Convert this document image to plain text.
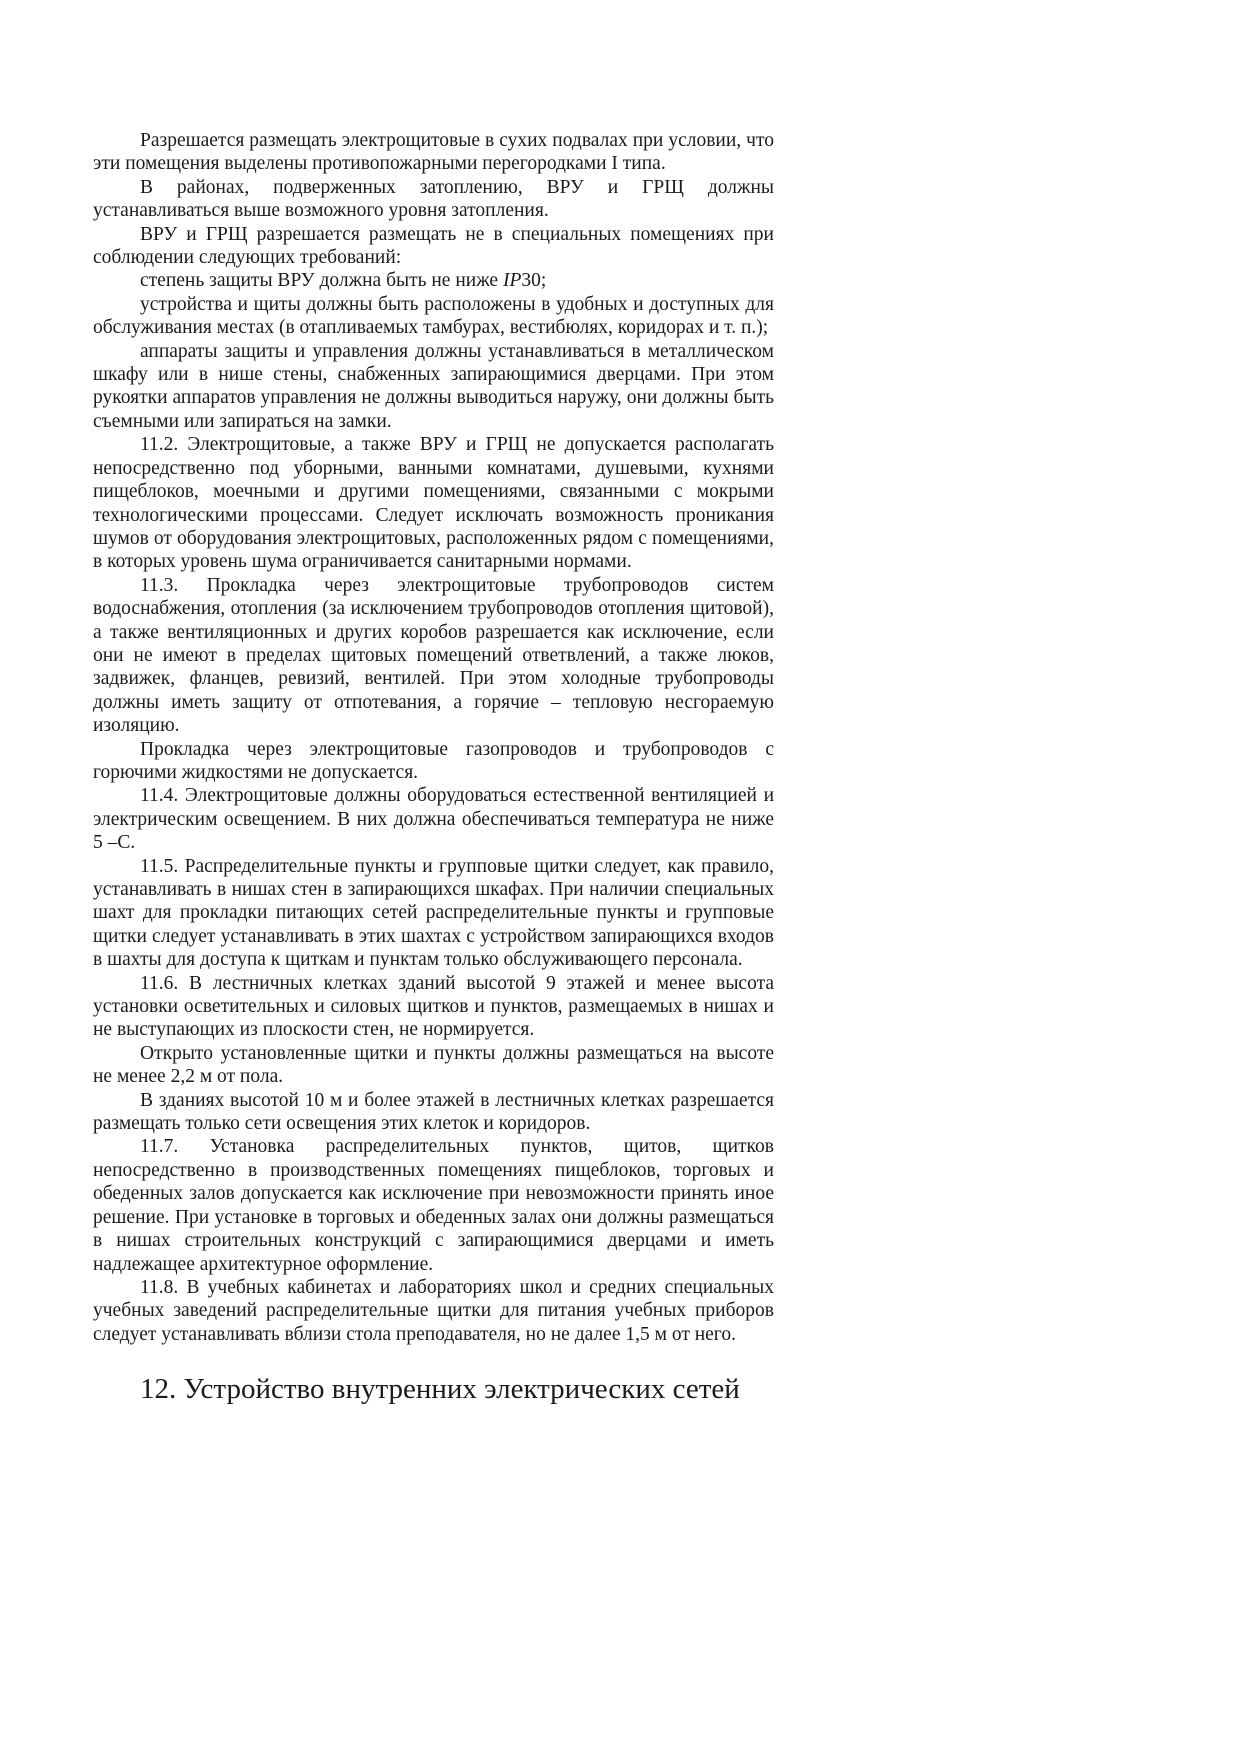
Разрешается размещать электрощитовые в сухих подвалах при условии, что эти помещения выделены противопожарными перегородками I типа.

В районах, подверженных затоплению, ВРУ и ГРЩ должны устанавливаться выше возможного уровня затопления.

ВРУ и ГРЩ разрешается размещать не в специальных помещениях при соблюдении следующих требований:

степень защиты ВРУ должна быть не ниже IP30;

устройства и щиты должны быть расположены в удобных и доступных для обслуживания местах (в отапливаемых тамбурах, вестибюлях, коридорах и т. п.);

аппараты защиты и управления должны устанавливаться в металлическом шкафу или в нише стены, снабженных запирающимися дверцами. При этом рукоятки аппаратов управления не должны выводиться наружу, они должны быть съемными или запираться на замки.

11.2. Электрощитовые, а также ВРУ и ГРЩ не допускается располагать непосредственно под уборными, ванными комнатами, душевыми, кухнями пищеблоков, моечными и другими помещениями, связанными с мокрыми технологическими процессами. Следует исключать возможность проникания шумов от оборудования электрощитовых, расположенных рядом с помещениями, в которых уровень шума ограничивается санитарными нормами.

11.3. Прокладка через электрощитовые трубопроводов систем водоснабжения, отопления (за исключением трубопроводов отопления щитовой), а также вентиляционных и других коробов разрешается как исключение, если они не имеют в пределах щитовых помещений ответвлений, а также люков, задвижек, фланцев, ревизий, вентилей. При этом холодные трубопроводы должны иметь защиту от отпотевания, а горячие – тепловую несгораемую изоляцию.

Прокладка через электрощитовые газопроводов и трубопроводов с горючими жидкостями не допускается.

11.4. Электрощитовые должны оборудоваться естественной вентиляцией и электрическим освещением. В них должна обеспечиваться температура не ниже 5 –С.

11.5. Распределительные пункты и групповые щитки следует, как правило, устанавливать в нишах стен в запирающихся шкафах. При наличии специальных шахт для прокладки питающих сетей распределительные пункты и групповые щитки следует устанавливать в этих шахтах с устройством запирающихся входов в шахты для доступа к щиткам и пунктам только обслуживающего персонала.

11.6. В лестничных клетках зданий высотой 9 этажей и менее высота установки осветительных и силовых щитков и пунктов, размещаемых в нишах и не выступающих из плоскости стен, не нормируется.

Открыто установленные щитки и пункты должны размещаться на высоте не менее 2,2 м от пола.

В зданиях высотой 10 м и более этажей в лестничных клетках разрешается размещать только сети освещения этих клеток и коридоров.

11.7. Установка распределительных пунктов, щитов, щитков непосредственно в производственных помещениях пищеблоков, торговых и обеденных залов допускается как исключение при невозможности принять иное решение. При установке в торговых и обеденных залах они должны размещаться в нишах строительных конструкций с запирающимися дверцами и иметь надлежащее архитектурное оформление.

11.8. В учебных кабинетах и лабораториях школ и средних специальных учебных заведений распределительные щитки для питания учебных приборов следует устанавливать вблизи стола преподавателя, но не далее 1,5 м от него.

12. Устройство внутренних электрических сетей
